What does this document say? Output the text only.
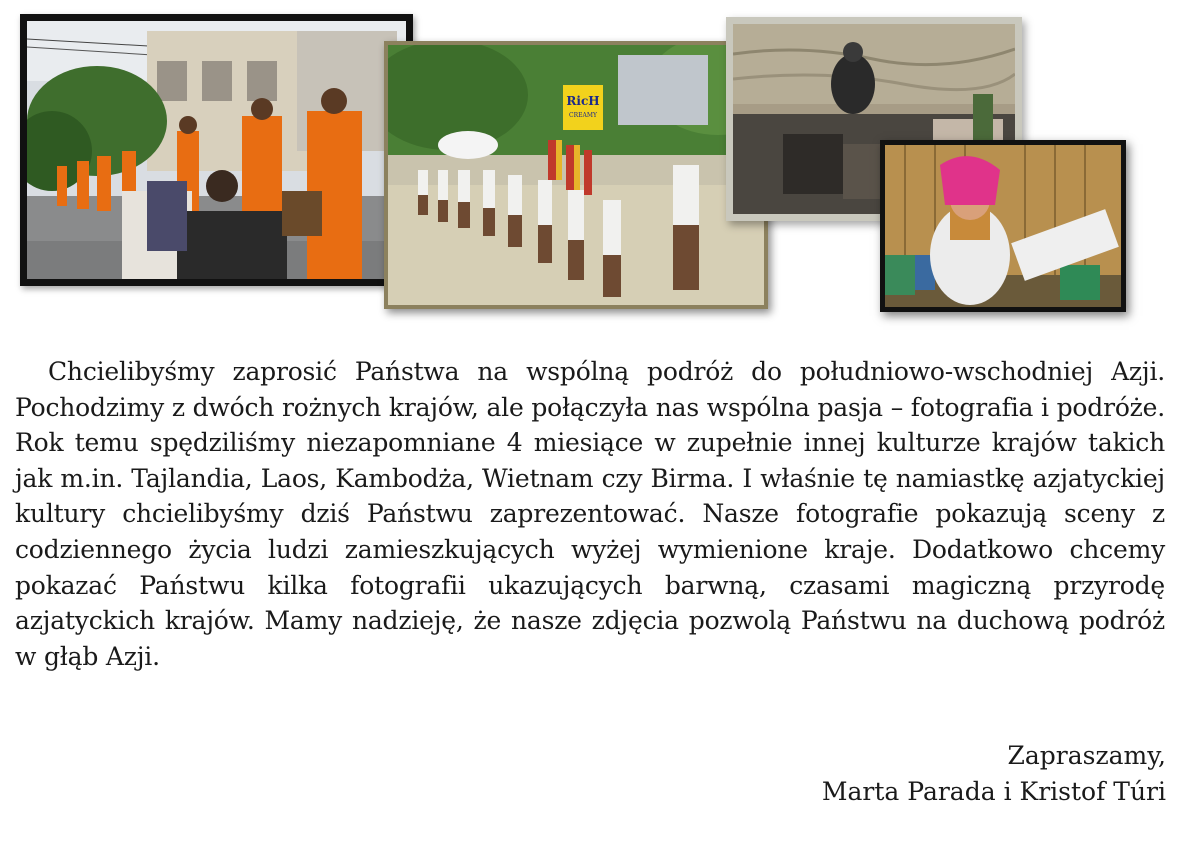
RicH
CREAMY

Chcielibyśmy zaprosić Państwa na wspólną podróż do południowo-wschodniej Azji. Pochodzimy z dwóch rożnych krajów, ale połączyła nas wspólna pasja – fotografia i podróże. Rok temu spędziliśmy niezapomniane 4 miesiące w zupełnie innej kulturze krajów takich jak m.in. Tajlandia, Laos, Kambodża, Wietnam czy Birma. I właśnie tę namiastkę azjatyckiej kultury chcielibyśmy dziś Państwu zaprezentować. Nasze fotografie pokazują sceny z codziennego życia ludzi zamieszkujących wyżej wymienione kraje. Dodatkowo chcemy pokazać Państwu kilka fotografii ukazujących barwną, czasami magiczną przyrodę azjatyckich krajów. Mamy nadzieję, że nasze zdjęcia pozwolą Państwu na duchową podróż w głąb Azji.

Zapraszamy,
Marta Parada i Kristof Túri
